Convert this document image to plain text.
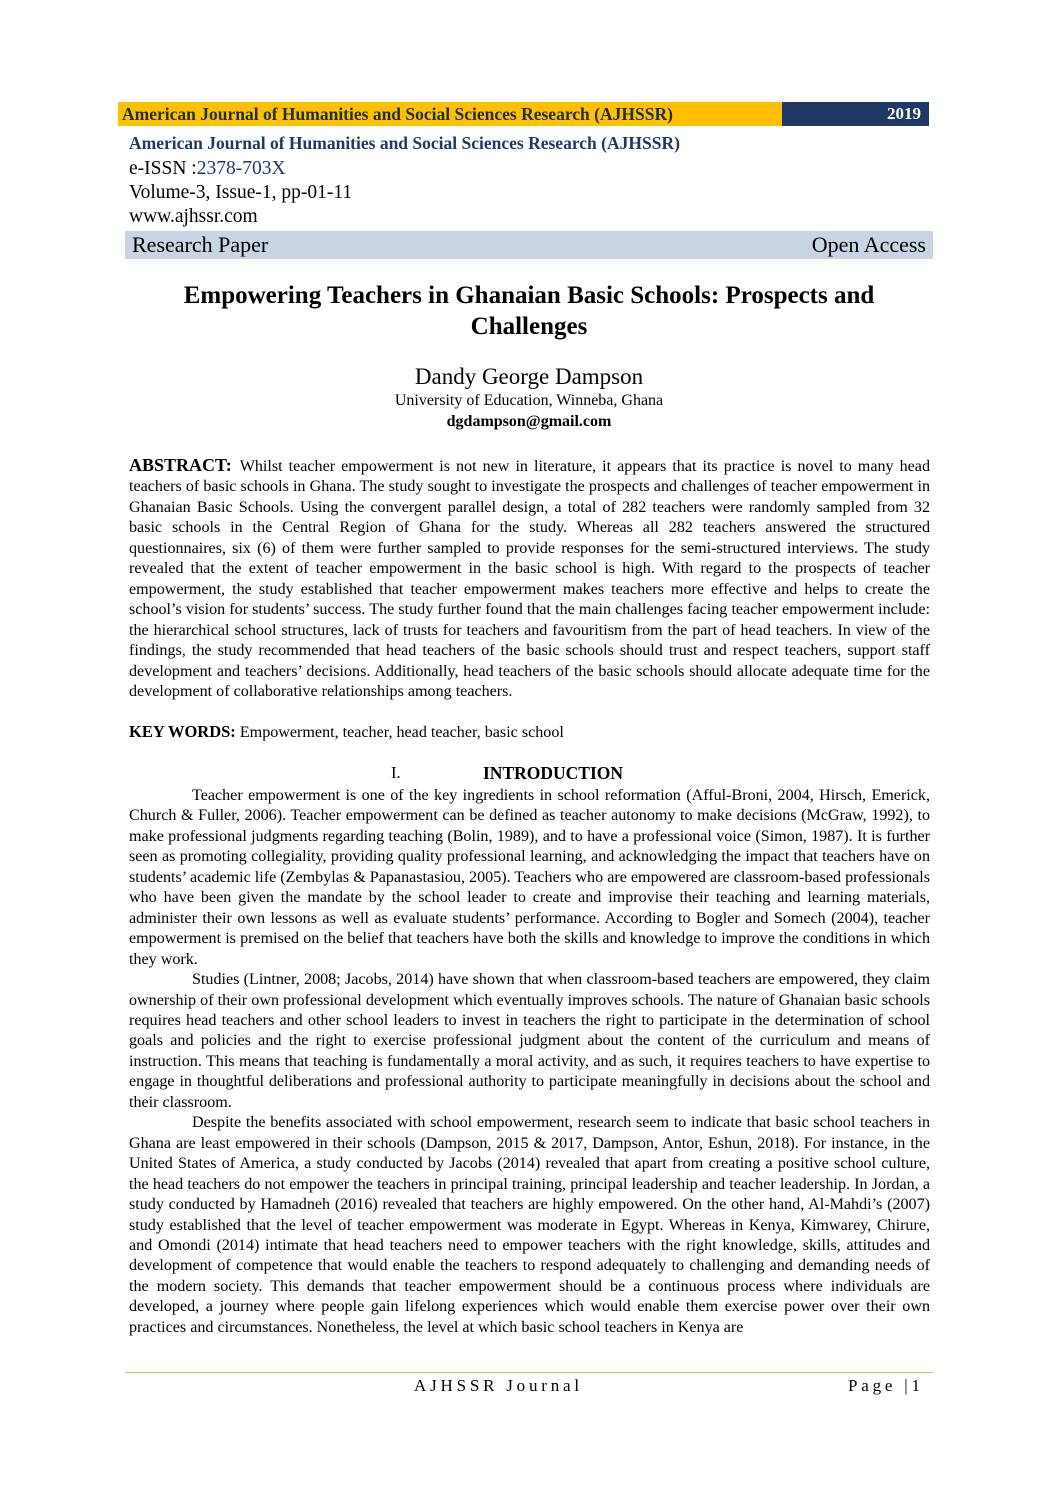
American Journal of Humanities and Social Sciences Research (AJHSSR)	2019
American Journal of Humanities and Social Sciences Research (AJHSSR)
e-ISSN :2378-703X
Volume-3, Issue-1, pp-01-11
www.ajhssr.com
Research Paper	Open Access
Empowering Teachers in Ghanaian Basic Schools: Prospects and
Challenges
Dandy George Dampson
University of Education, Winneba, Ghana
dgdampson@gmail.com
ABSTRACT: Whilst teacher empowerment is not new in literature, it appears that its practice is novel to many head teachers of basic schools in Ghana. The study sought to investigate the prospects and challenges of teacher empowerment in Ghanaian Basic Schools. Using the convergent parallel design, a total of 282 teachers were randomly sampled from 32 basic schools in the Central Region of Ghana for the study. Whereas all 282 teachers answered the structured questionnaires, six (6) of them were further sampled to provide responses for the semi-structured interviews. The study revealed that the extent of teacher empowerment in the basic school is high. With regard to the prospects of teacher empowerment, the study established that teacher empowerment makes teachers more effective and helps to create the school’s vision for students’ success. The study further found that the main challenges facing teacher empowerment include: the hierarchical school structures, lack of trusts for teachers and favouritism from the part of head teachers. In view of the findings, the study recommended that head teachers of the basic schools should trust and respect teachers, support staff development and teachers’ decisions. Additionally, head teachers of the basic schools should allocate adequate time for the development of collaborative relationships among teachers.
KEY WORDS: Empowerment, teacher, head teacher, basic school
I.	INTRODUCTION

Teacher empowerment is one of the key ingredients in school reformation (Afful-Broni, 2004, Hirsch, Emerick, Church & Fuller, 2006). Teacher empowerment can be defined as teacher autonomy to make decisions (McGraw, 1992), to make professional judgments regarding teaching (Bolin, 1989), and to have a professional voice (Simon, 1987). It is further seen as promoting collegiality, providing quality professional learning, and acknowledging the impact that teachers have on students’ academic life (Zembylas & Papanastasiou, 2005). Teachers who are empowered are classroom-based professionals who have been given the mandate by the school leader to create and improvise their teaching and learning materials, administer their own lessons as well as evaluate students’ performance. According to Bogler and Somech (2004), teacher empowerment is premised on the belief that teachers have both the skills and knowledge to improve the conditions in which they work.

Studies (Lintner, 2008; Jacobs, 2014) have shown that when classroom-based teachers are empowered, they claim ownership of their own professional development which eventually improves schools. The nature of Ghanaian basic schools requires head teachers and other school leaders to invest in teachers the right to participate in the determination of school goals and policies and the right to exercise professional judgment about the content of the curriculum and means of instruction. This means that teaching is fundamentally a moral activity, and as such, it requires teachers to have expertise to engage in thoughtful deliberations and professional authority to participate meaningfully in decisions about the school and their classroom.

Despite the benefits associated with school empowerment, research seem to indicate that basic school teachers in Ghana are least empowered in their schools (Dampson, 2015 & 2017, Dampson, Antor, Eshun, 2018). For instance, in the United States of America, a study conducted by Jacobs (2014) revealed that apart from creating a positive school culture, the head teachers do not empower the teachers in principal training, principal leadership and teacher leadership. In Jordan, a study conducted by Hamadneh (2016) revealed that teachers are highly empowered. On the other hand, Al-Mahdi’s (2007) study established that the level of teacher empowerment was moderate in Egypt. Whereas in Kenya, Kimwarey, Chirure, and Omondi (2014) intimate that head teachers need to empower teachers with the right knowledge, skills, attitudes and development of competence that would enable the teachers to respond adequately to challenging and demanding needs of the modern society. This demands that teacher empowerment should be a continuous process where individuals are developed, a journey where people gain lifelong experiences which would enable them exercise power over their own practices and circumstances. Nonetheless, the level at which basic school teachers in Kenya are

AJHSSR Journal	Page |1
